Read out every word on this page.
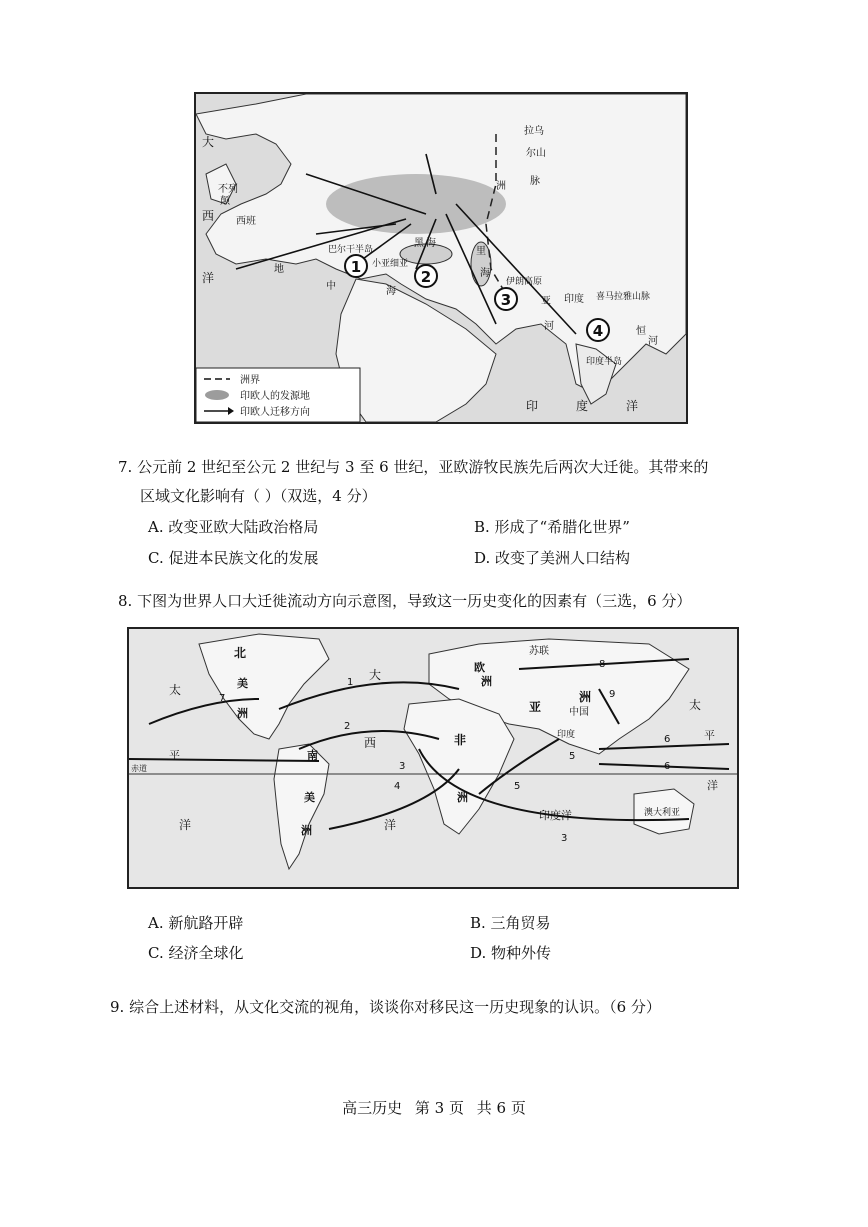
1
2
3
4
大
不列
颠
西班
西
洋
地
中	海
巴尔干半岛
黑 海
小亚细亚
里
海
洲
拉乌
尔山
脉
伊朗高原
亚 印度
河
喜马拉雅山脉
恒
河
印度半岛
印	度	洋
洲界
印欧人的发源地
印欧人迁移方向
7. 公元前 2 世纪至公元 2 世纪与 3 至 6 世纪，亚欧游牧民族先后两次大迁徙。其带来的
区域文化影响有（ ）（双选，4 分）
A. 改变亚欧大陆政治格局	B. 形成了“希腊化世界”
C. 促进本民族文化的发展	D. 改变了美洲人口结构
8. 下图为世界人口大迁徙流动方向示意图，导致这一历史变化的因素有（三选，6 分）
北
美
洲
太
平
洋
大
西
洋
南
美
洲
非
洲
欧
洲
苏联
亚
洲
中国
印度
印度洋	澳大利亚
太
平
洋
赤道
1
2
3
4	5
6
7
8
9
5
3
6
A. 新航路开辟	B. 三角贸易
C. 经济全球化	D. 物种外传
9. 综合上述材料，从文化交流的视角，谈谈你对移民这一历史现象的认识。（6 分）
高三历史 第 3 页 共 6 页
